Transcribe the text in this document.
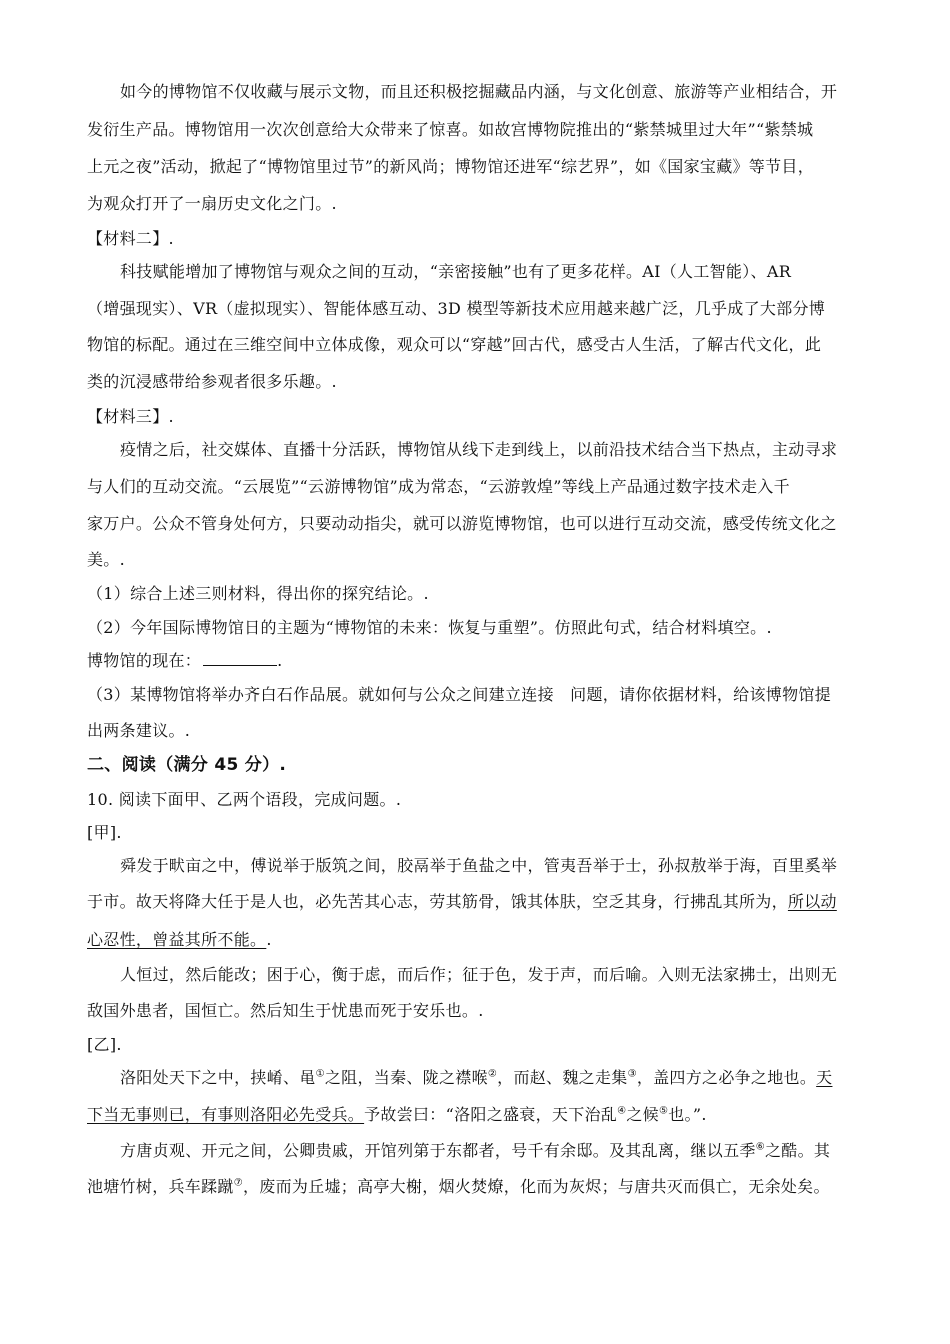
如今的博物馆不仅收藏与展示文物，而且还积极挖掘藏品内涵，与文化创意、旅游等产业相结合，开
发衍生产品。博物馆用一次次创意给大众带来了惊喜。如故宫博物院推出的“紫禁城里过大年”“紫禁城
上元之夜”活动，掀起了“博物馆里过节”的新风尚；博物馆还进军“综艺界”，如《国家宝藏》等节目，
为观众打开了一扇历史文化之门。.
【材料二】.
科技赋能增加了博物馆与观众之间的互动，“亲密接触”也有了更多花样。AI（人工智能）、AR
（增强现实）、VR（虚拟现实）、智能体感互动、3D 模型等新技术应用越来越广泛，几乎成了大部分博
物馆的标配。通过在三维空间中立体成像，观众可以“穿越”回古代，感受古人生活，了解古代文化，此
类的沉浸感带给参观者很多乐趣。.
【材料三】.
疫情之后，社交媒体、直播十分活跃，博物馆从线下走到线上，以前沿技术结合当下热点，主动寻求
与人们的互动交流。“云展览”“云游博物馆”成为常态，“云游敦煌”等线上产品通过数字技术走入千
家万户。公众不管身处何方，只要动动指尖，就可以游览博物馆，也可以进行互动交流，感受传统文化之
美。.
（1）综合上述三则材料，得出你的探究结论。.
（2）今年国际博物馆日的主题为“博物馆的未来：恢复与重塑”。仿照此句式，结合材料填空。.
博物馆的现在：	.
（3）某博物馆将举办齐白石作品展。就如何与公众之间建立连接　问题，请你依据材料，给该博物馆提
出两条建议。.
二、阅读（满分 45 分）.
10. 阅读下面甲、乙两个语段，完成问题。.
[甲].
舜发于畎亩之中，傅说举于版筑之间，胶鬲举于鱼盐之中，管夷吾举于士，孙叔敖举于海，百里奚举
于市。故天将降大任于是人也，必先苦其心志，劳其筋骨，饿其体肤，空乏其身，行拂乱其所为，所以动
心忍性，曾益其所不能。.
人恒过，然后能改；困于心，衡于虑，而后作；征于色，发于声，而后喻。入则无法家拂士，出则无
敌国外患者，国恒亡。然后知生于忧患而死于安乐也。.
[乙].
洛阳处天下之中，挟崤、黾①之阻，当秦、陇之襟喉②，而赵、魏之走集③，盖四方之必争之地也。天
下当无事则已，有事则洛阳必先受兵。予故尝曰：“洛阳之盛衰，天下治乱④之候⑤也。”.
方唐贞观、开元之间，公卿贵戚，开馆列第于东都者，号千有余邸。及其乱离，继以五季⑥之酷。其
池塘竹树，兵车蹂蹴⑦，废而为丘墟；高亭大榭，烟火焚燎，化而为灰烬；与唐共灭而俱亡，无余处矣。
